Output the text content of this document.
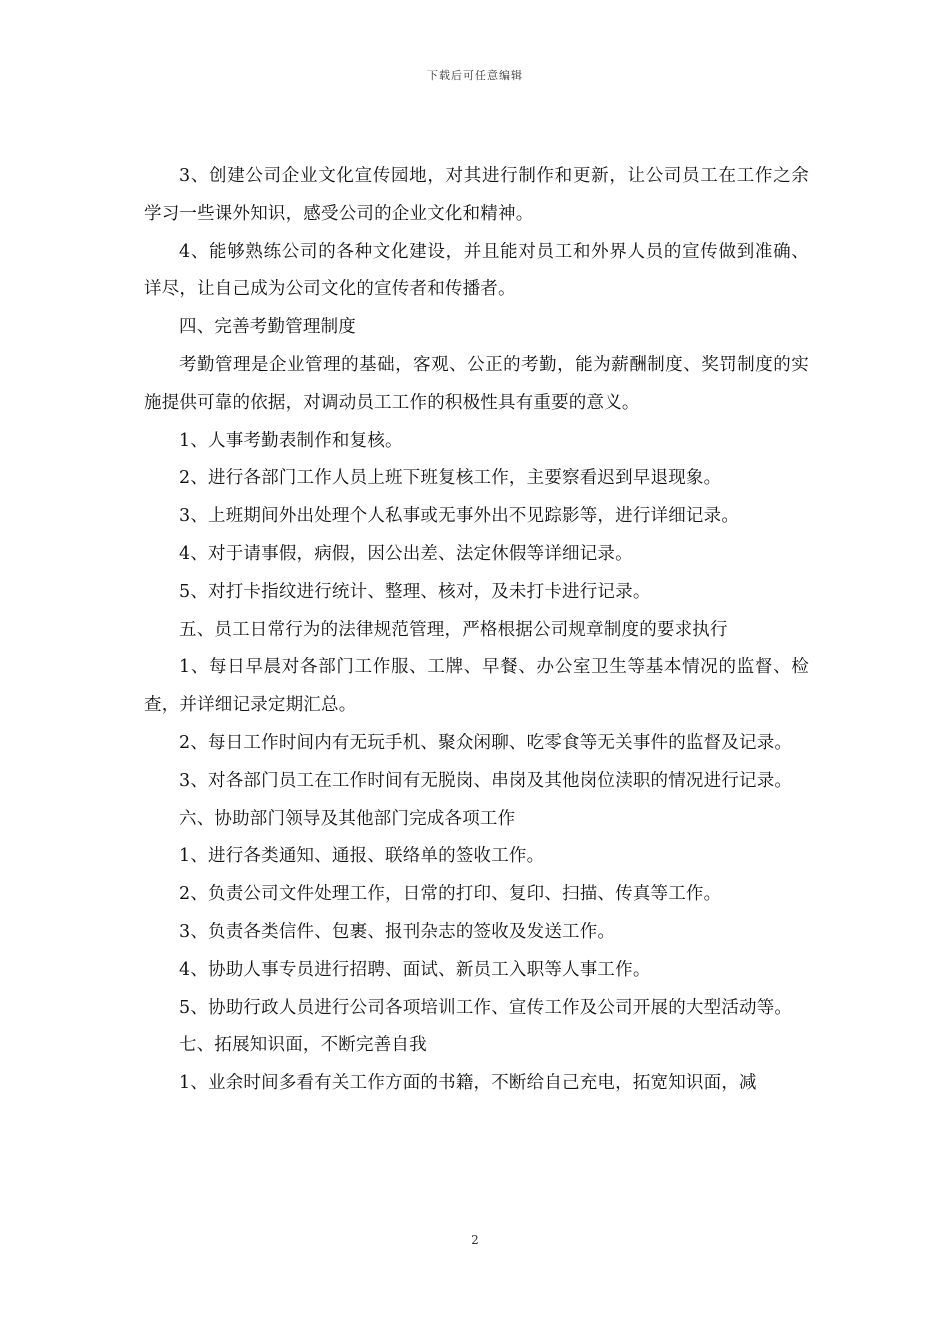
下载后可任意编辑

3、创建公司企业文化宣传园地，对其进行制作和更新，让公司员工在工作之余学习一些课外知识，感受公司的企业文化和精神。

4、能够熟练公司的各种文化建设，并且能对员工和外界人员的宣传做到准确、详尽，让自己成为公司文化的宣传者和传播者。

四、完善考勤管理制度

考勤管理是企业管理的基础，客观、公正的考勤，能为薪酬制度、奖罚制度的实施提供可靠的依据，对调动员工工作的积极性具有重要的意义。

1、人事考勤表制作和复核。

2、进行各部门工作人员上班下班复核工作，主要察看迟到早退现象。

3、上班期间外出处理个人私事或无事外出不见踪影等，进行详细记录。

4、对于请事假，病假，因公出差、法定休假等详细记录。

5、对打卡指纹进行统计、整理、核对，及未打卡进行记录。

五、员工日常行为的法律规范管理，严格根据公司规章制度的要求执行

1、每日早晨对各部门工作服、工牌、早餐、办公室卫生等基本情况的监督、检查，并详细记录定期汇总。

2、每日工作时间内有无玩手机、聚众闲聊、吃零食等无关事件的监督及记录。

3、对各部门员工在工作时间有无脱岗、串岗及其他岗位渎职的情况进行记录。

六、协助部门领导及其他部门完成各项工作

1、进行各类通知、通报、联络单的签收工作。

2、负责公司文件处理工作，日常的打印、复印、扫描、传真等工作。

3、负责各类信件、包裹、报刊杂志的签收及发送工作。

4、协助人事专员进行招聘、面试、新员工入职等人事工作。

5、协助行政人员进行公司各项培训工作、宣传工作及公司开展的大型活动等。

七、拓展知识面，不断完善自我

1、业余时间多看有关工作方面的书籍，不断给自己充电，拓宽知识面，减

2
